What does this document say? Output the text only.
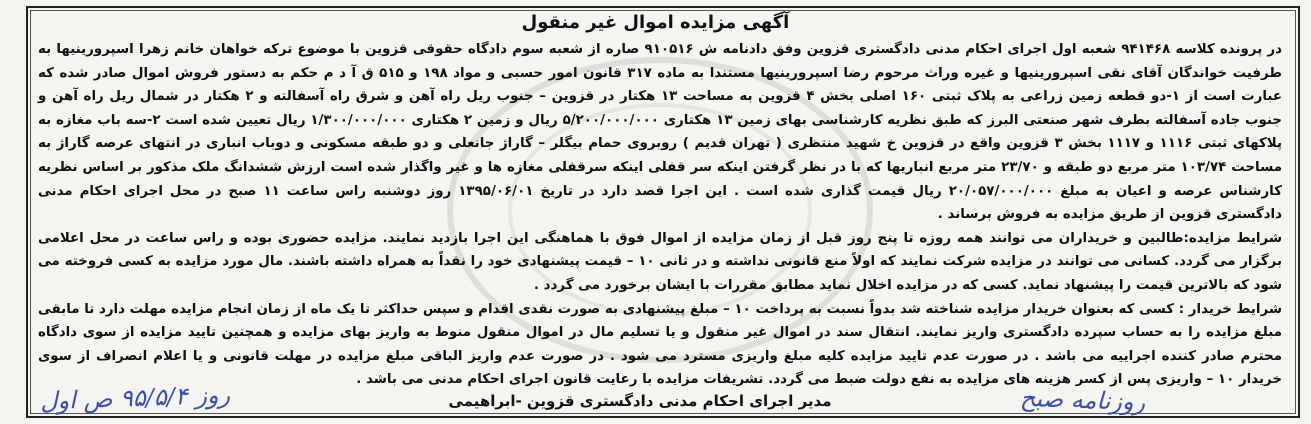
آگهی مزایده اموال غیر منقول

در پرونده کلاسه ۹۴۱۴۶۸ شعبه اول اجرای احکام مدنی دادگستری قزوین وفق دادنامه ش ۹۱۰۵۱۶ صاره از شعبه سوم دادگاه حقوقی قزوین با موضوع ترکه خواهان خانم زهرا اسپرورینیها به طرفیت خواندگان آقای نقی اسپرورینیها و غیره وراث مرحوم رضا اسپرورینیها مستندا به ماده ۳۱۷ قانون امور حسبی و مواد ۱۹۸ و ۵۱۵ ق آ د م حکم به دستور فروش اموال صادر شده که عبارت است از ۱-دو قطعه زمین زراعی به پلاک ثبتی ۱۶۰ اصلی بخش ۴ قزوین به مساحت ۱۳ هکتار در قزوین – جنوب ریل راه آهن و شرق راه آسفالته و ۲ هکتار در شمال ریل راه آهن و جنوب جاده آسفالته بطرف شهر صنعتی البرز که طبق نظریه کارشناسی بهای زمین ۱۳ هکتاری ۵/۲۰۰/۰۰۰/۰۰۰ ریال و زمین ۲ هکتاری ۱/۳۰۰/۰۰۰/۰۰۰ ریال تعیین شده است ۲-سه باب مغازه به پلاکهای ثبتی ۱۱۱۶ و ۱۱۱۷ بخش ۳ قزوین واقع در قزوین خ شهید منتظری ( تهران قدیم ) روبروی حمام بیگلر – گاراژ جانعلی و دو طبقه مسکونی و دوباب انباری در انتهای عرصه گاراژ به مساحت ۱۰۳/۷۴ متر مربع دو طبقه و ۲۳/۷۰ متر مربع انباریها که با در نظر گرفتن اینکه سر قفلی اینکه سرقفلی مغازه ها و غیر واگذار شده است ارزش ششدانگ ملک مذکور بر اساس نظریه کارشناس عرصه و اعیان به مبلغ ۲۰/۰۵۷/۰۰۰/۰۰۰ ریال قیمت گذاری شده است . این اجرا قصد دارد در تاریخ ۱۳۹۵/۰۶/۰۱ روز دوشنبه راس ساعت ۱۱ صبح در محل اجرای احکام مدنی دادگستری قزوین از طریق مزایده به فروش برساند .

شرایط مزایده:طالبین و خریداران می توانند همه روزه تا پنج روز قبل از زمان مزایده از اموال فوق با هماهنگی این اجرا بازدید نمایند. مزایده حضوری بوده و راس ساعت در محل اعلامی برگزار می گردد. کسانی می توانند در مزایده شرکت نمایند که اولاً منع قانونی نداشته و در ثانی ۱۰ – قیمت پیشنهادی خود را نقداً به همراه داشته باشند. مال مورد مزایده به کسی فروخته می شود که بالاترین قیمت را پیشنهاد نماید. کسی که در مزایده اخلال نماید مطابق مقررات با ایشان برخورد می گردد .

شرایط خریدار : کسی که بعنوان خریدار مزایده شناخته شد بدواً نسبت به پرداخت ۱۰ – مبلغ پیشنهادی به صورت نقدی اقدام و سپس حداکثر تا یک ماه از زمان انجام مزایده مهلت دارد تا مابقی مبلغ مزایده را به حساب سپرده دادگستری واریز نمایند. انتقال سند در اموال غیر منقول و یا تسلیم مال در اموال منقول منوط به واریز بهای مزایده و همچنین تایید مزایده از سوی دادگاه محترم صادر کننده اجراییه می باشد . در صورت عدم تایید مزایده کلیه مبلغ واریزی مسترد می شود . در صورت عدم واریز الباقی مبلغ مزایده در مهلت قانونی و یا اعلام انصراف از سوی خریدار ۱۰ – واریزی پس از کسر هزینه های مزایده به نفع دولت ضبط می گردد. تشریفات مزایده با رعایت قانون اجرای احکام مدنی می باشد .

روز ۹۵/۵/۴ ص اول	مدیر اجرای احکام مدنی دادگستری قزوین -ابراهیمی	روزنامه صبح
